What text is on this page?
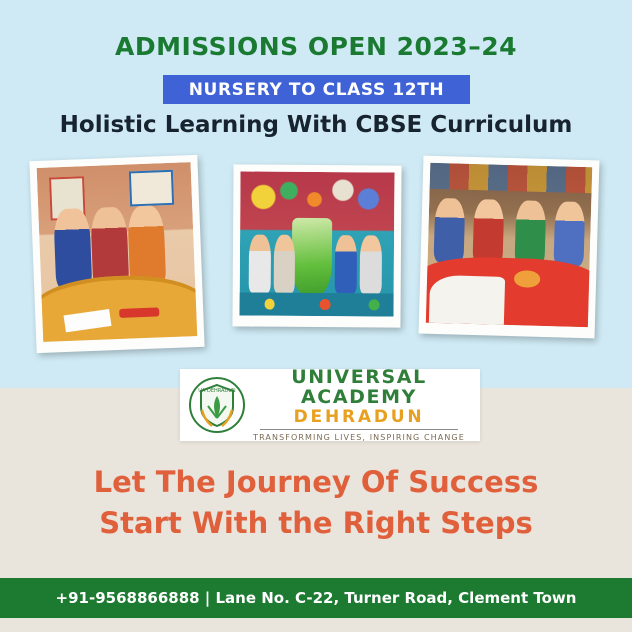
ADMISSIONS OPEN 2023–24
NURSERY TO CLASS 12TH
Holistic Learning With CBSE Curriculum
UA DEHRADUN
UNIVERSAL ACADEMY
DEHRADUN
TRANSFORMING LIVES, INSPIRING CHANGE
Let The Journey Of Success
Start With the Right Steps
+91-9568866888 | Lane No. C-22, Turner Road, Clement Town
